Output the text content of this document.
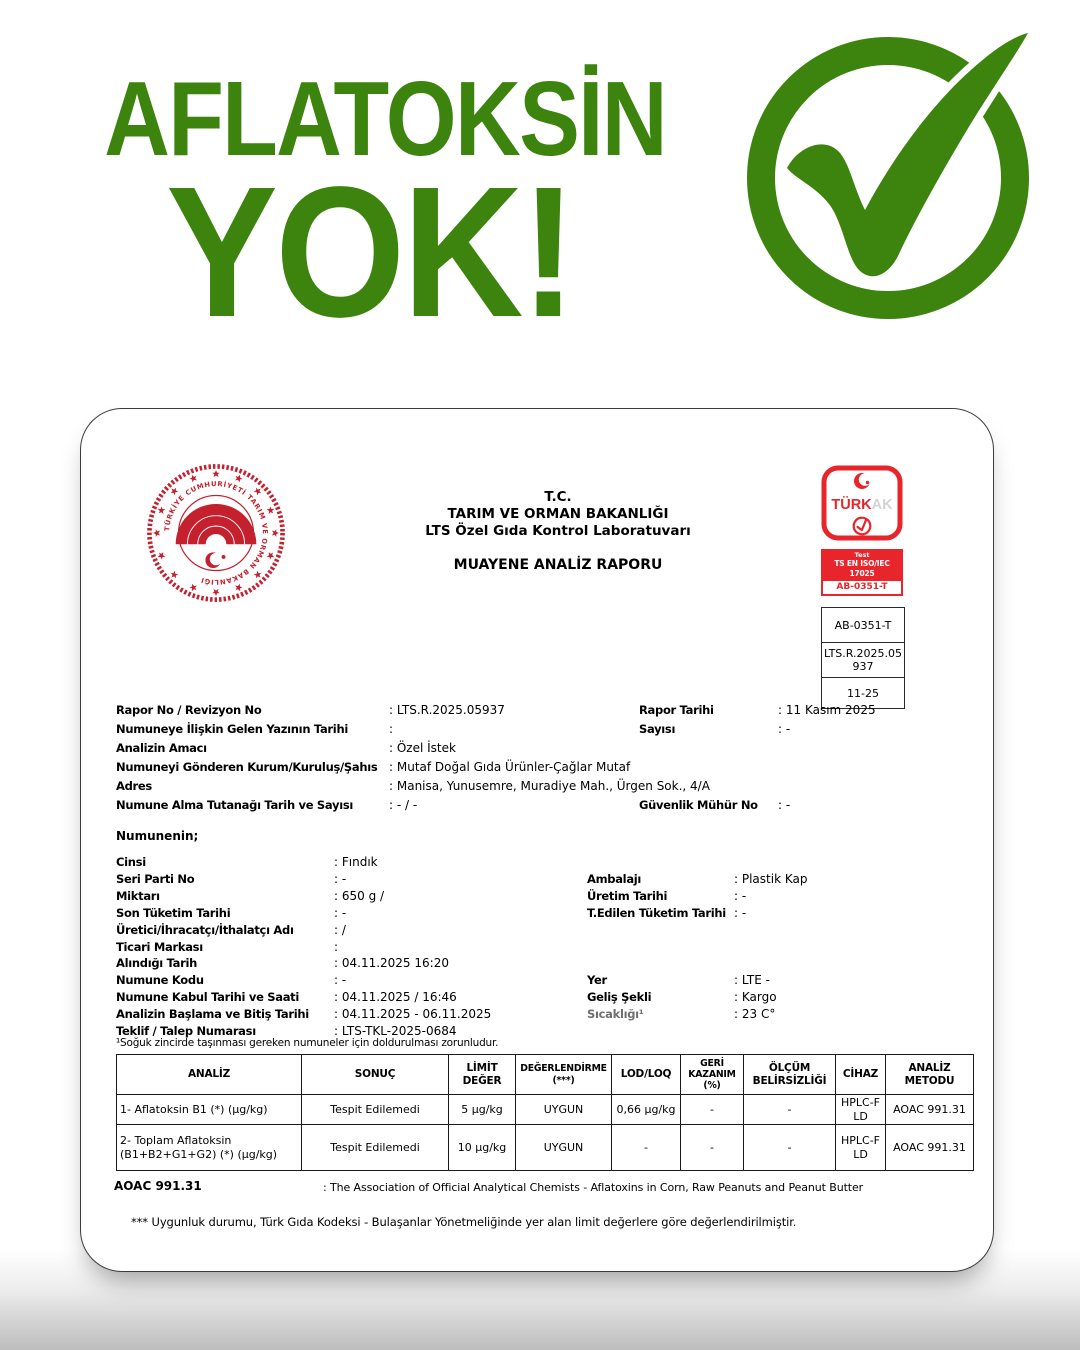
AFLATOKSİN
YOK!
TÜRKİYE CUMHURİYETİ TARIM VE ORMAN BAKANLIĞI
T.C.
TARIM VE ORMAN BAKANLIĞI
LTS Özel Gıda Kontrol Laboratuvarı
MUAYENE ANALİZ RAPORU
TÜRKAK
Test
TS EN ISO/IEC 17025
AB-0351-T
AB-0351-T
LTS.R.2025.05937
11-25
Rapor No / Revizyon No	: LTS.R.2025.05937
Numuneye İlişkin Gelen Yazının Tarihi	:
Analizin Amacı	: Özel İstek
Numuneyi Gönderen Kurum/Kuruluş/Şahıs : Mutaf Doğal Gıda Ürünler-Çağlar Mutaf
Adres	: Manisa, Yunusemre, Muradiye Mah., Ürgen Sok., 4/A
Numune Alma Tutanağı Tarih ve Sayısı	: - / -
Rapor Tarihi	: 11 Kasım 2025
Sayısı	: -
Güvenlik Mühür No : -
Numunenin;
Cinsi	: Fındık
Seri Parti No	: -
Miktarı	: 650 g /
Son Tüketim Tarihi	: -
Üretici/İhracatçı/İthalatçı Adı	: /
Ticari Markası	:
Alındığı Tarih	: 04.11.2025 16:20
Numune Kodu	: -
Numune Kabul Tarihi ve Saati	: 04.11.2025 / 16:46
Analizin Başlama ve Bitiş Tarihi : 04.11.2025 - 06.11.2025
Teklif / Talep Numarası	: LTS-TKL-2025-0684
Ambalajı	: Plastik Kap
Üretim Tarihi	: -
T.Edilen Tüketim Tarihi : -
Yer	: LTE -
Geliş Şekli	: Kargo
Sıcaklığı¹	: 23 C°
¹Soğuk zincirde taşınması gereken numuneler için doldurulması zorunludur.
ANALİZ	SONUÇ	LİMİT DEĞER	DEĞERLENDİRME (***)	LOD/LOQ	GERİ KAZANIM (%)	ÖLÇÜM BELİRSİZLİĞİ	CİHAZ	ANALİZ METODU
1- Aflatoksin B1 (*) (µg/kg)	Tespit Edilemedi	5 µg/kg	UYGUN	0,66 µg/kg	-	-	HPLC-FLD	AOAC 991.31
2- Toplam Aflatoksin (B1+B2+G1+G2) (*) (µg/kg)	Tespit Edilemedi	10 µg/kg	UYGUN	-	-	-	HPLC-FLD	AOAC 991.31
AOAC 991.31	: The Association of Official Analytical Chemists - Aflatoxins in Corn, Raw Peanuts and Peanut Butter
*** Uygunluk durumu, Türk Gıda Kodeksi - Bulaşanlar Yönetmeliğinde yer alan limit değerlere göre değerlendirilmiştir.
